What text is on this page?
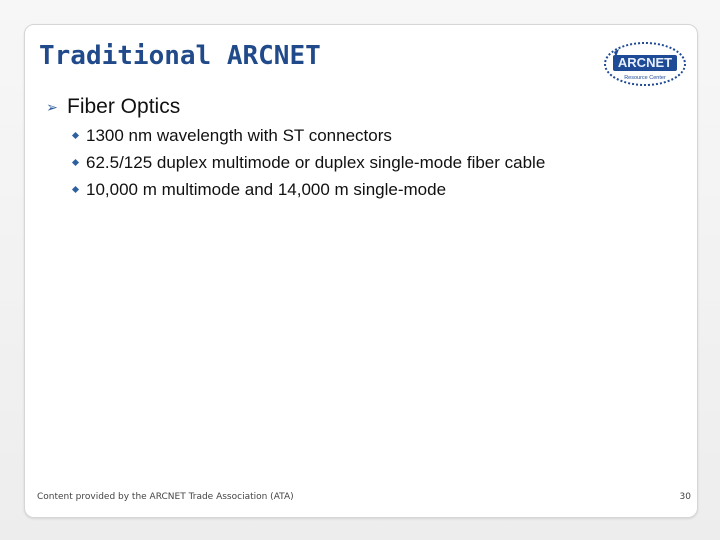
Traditional ARCNET	ARCNET
Resource Center
➢ Fiber Optics
1300 nm wavelength with ST connectors
62.5/125 duplex multimode or duplex single-mode fiber cable
10,000 m multimode and 14,000 m single-mode
Content provided by the ARCNET Trade Association (ATA)	30
